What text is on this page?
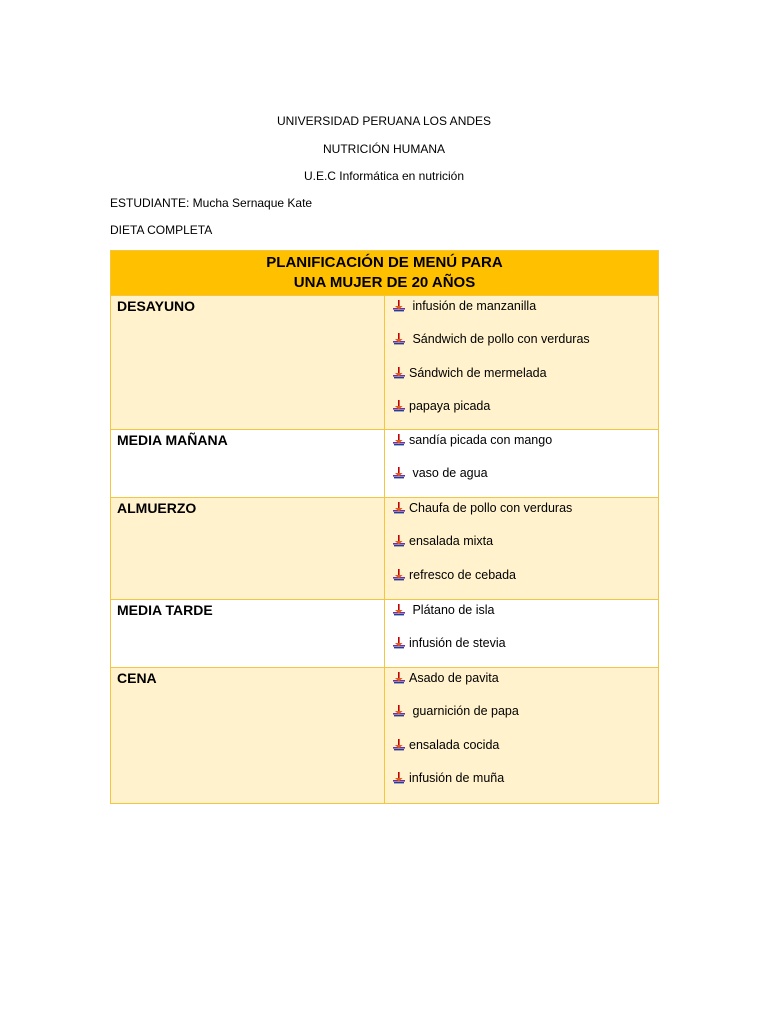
UNIVERSIDAD PERUANA LOS ANDES
NUTRICIÓN HUMANA
U.E.C Informática en nutrición
ESTUDIANTE: Mucha Sernaque Kate
DIETA COMPLETA
PLANIFICACIÓN DE MENÚ PARA
UNA MUJER DE 20 AÑOS	

DESAYUNO	infusión de manzanilla
Sándwich de pollo con verduras
Sándwich de mermelada
papaya picada

MEDIA MAÑANA	sandía picada con mango
vaso de agua

ALMUERZO	Chaufa de pollo con verduras
ensalada mixta
refresco de cebada

MEDIA TARDE	Plátano de isla
infusión de stevia

CENA	Asado de pavita
guarnición de papa
ensalada cocida
infusión de muña
